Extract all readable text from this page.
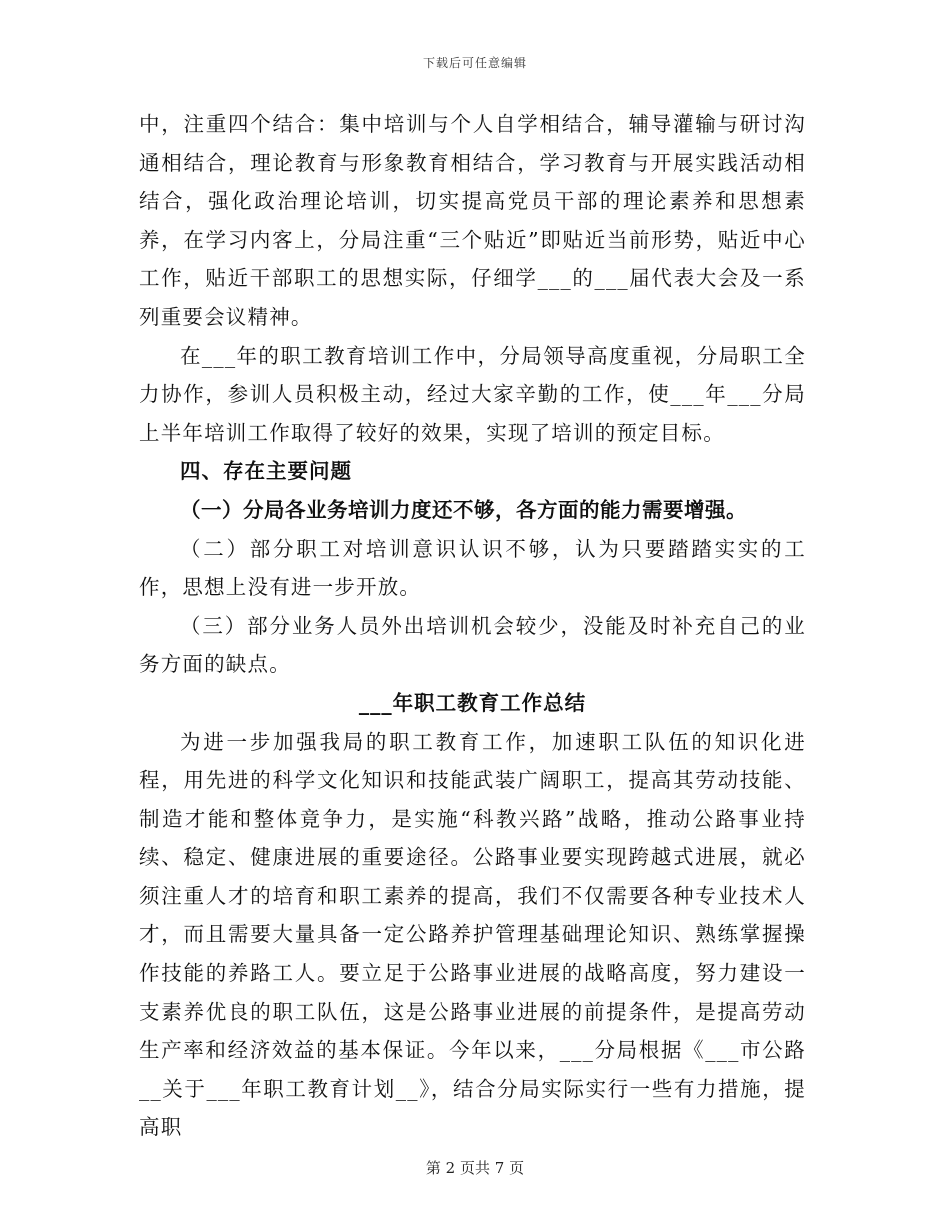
下载后可任意编辑

中，注重四个结合：集中培训与个人自学相结合，辅导灌输与研讨沟通相结合，理论教育与形象教育相结合，学习教育与开展实践活动相结合，强化政治理论培训，切实提高党员干部的理论素养和思想素养，在学习内客上，分局注重“三个贴近”即贴近当前形势，贴近中心工作，贴近干部职工的思想实际，仔细学___的___届代表大会及一系列重要会议精神。

在___年的职工教育培训工作中，分局领导高度重视，分局职工全力协作，参训人员积极主动，经过大家辛勤的工作，使___年___分局上半年培训工作取得了较好的效果，实现了培训的预定目标。

四、存在主要问题

（一）分局各业务培训力度还不够，各方面的能力需要增强。

（二）部分职工对培训意识认识不够，认为只要踏踏实实的工作，思想上没有进一步开放。

（三）部分业务人员外出培训机会较少，没能及时补充自己的业务方面的缺点。

___年职工教育工作总结

为进一步加强我局的职工教育工作，加速职工队伍的知识化进程，用先进的科学文化知识和技能武装广阔职工，提高其劳动技能、制造才能和整体竟争力，是实施“科教兴路”战略，推动公路事业持续、稳定、健康进展的重要途径。公路事业要实现跨越式进展，就必须注重人才的培育和职工素养的提高，我们不仅需要各种专业技术人才，而且需要大量具备一定公路养护管理基础理论知识、熟练掌握操作技能的养路工人。要立足于公路事业进展的战略高度，努力建设一支素养优良的职工队伍，这是公路事业进展的前提条件，是提高劳动生产率和经济效益的基本保证。今年以来，___分局根据《___市公路__关于___年职工教育计划__》，结合分局实际实行一些有力措施，提高职

第 2 页共 7 页
